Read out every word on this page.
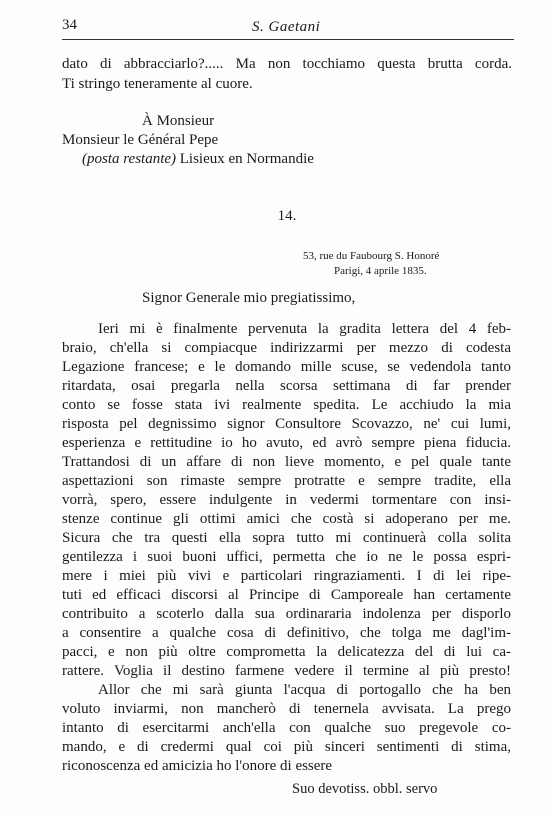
34	S. Gaetani
dato di abbracciarlo?..... Ma non tocchiamo questa brutta corda.
Ti stringo teneramente al cuore.
À Monsieur
Monsieur le Général Pepe
(posta restante) Lisieux en Normandie
14.
53, rue du Faubourg S. Honoré
Parigi, 4 aprile 1835.
Signor Generale mio pregiatissimo,
Ieri mi è finalmente pervenuta la gradita lettera del 4 feb-
braio, ch'ella si compiacque indirizzarmi per mezzo di codesta
Legazione francese; e le domando mille scuse, se vedendola tanto
ritardata, osai pregarla nella scorsa settimana di far prender
conto se fosse stata ivi realmente spedita. Le acchiudo la mia
risposta pel degnissimo signor Consultore Scovazzo, ne' cui lumi,
esperienza e rettitudine io ho avuto, ed avrò sempre piena fiducia.
Trattandosi di un affare di non lieve momento, e pel quale tante
aspettazioni son rimaste sempre protratte e sempre tradite, ella
vorrà, spero, essere indulgente in vedermi tormentare con insi-
stenze continue gli ottimi amici che costà si adoperano per me.
Sicura che tra questi ella sopra tutto mi continuerà colla solita
gentilezza i suoi buoni uffici, permetta che io ne le possa espri-
mere i miei più vivi e particolari ringraziamenti. I di lei ripe-
tuti ed efficaci discorsi al Principe di Camporeale han certamente
contribuito a scoterlo dalla sua ordinararia indolenza per disporlo
a consentire a qualche cosa di definitivo, che tolga me dagl'im-
pacci, e non più oltre comprometta la delicatezza del di lui ca-
rattere. Voglia il destino farmene vedere il termine al più presto!
Allor che mi sarà giunta l'acqua di portogallo che ha ben
voluto inviarmi, non mancherò di tenernela avvisata. La prego
intanto di esercitarmi anch'ella con qualche suo pregevole co-
mando, e di credermi qual coi più sinceri sentimenti di stima,
riconoscenza ed amicizia ho l'onore di essere
Suo devotiss. obbl. servo
